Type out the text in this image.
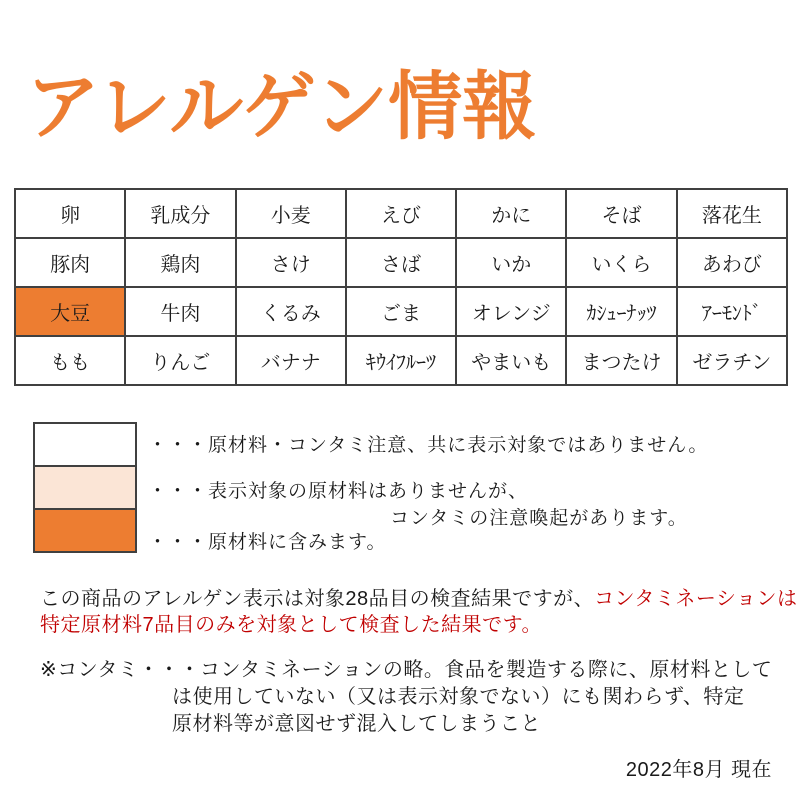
アレルゲン情報
卵	乳成分	小麦	えび	かに	そば	落花生
豚肉	鶏肉	さけ	さば	いか	いくら	あわび
大豆	牛肉	くるみ	ごま	オレンジ	ｶｼｭｰﾅｯﾂ	ｱｰﾓﾝﾄﾞ
もも	りんご	バナナ	ｷｳｲﾌﾙｰﾂ	やまいも	まつたけ	ゼラチン
・・・原材料・コンタミ注意、共に表示対象ではありません。
・・・表示対象の原材料はありませんが、
コンタミの注意喚起があります。
・・・原材料に含みます。
この商品のアレルゲン表示は対象28品目の検査結果ですが、コンタミネーションは
特定原材料7品目のみを対象として検査した結果です。
※コンタミ・・・コンタミネーションの略。食品を製造する際に、原材料として
は使用していない（又は表示対象でない）にも関わらず、特定
原材料等が意図せず混入してしまうこと
2022年8月 現在
